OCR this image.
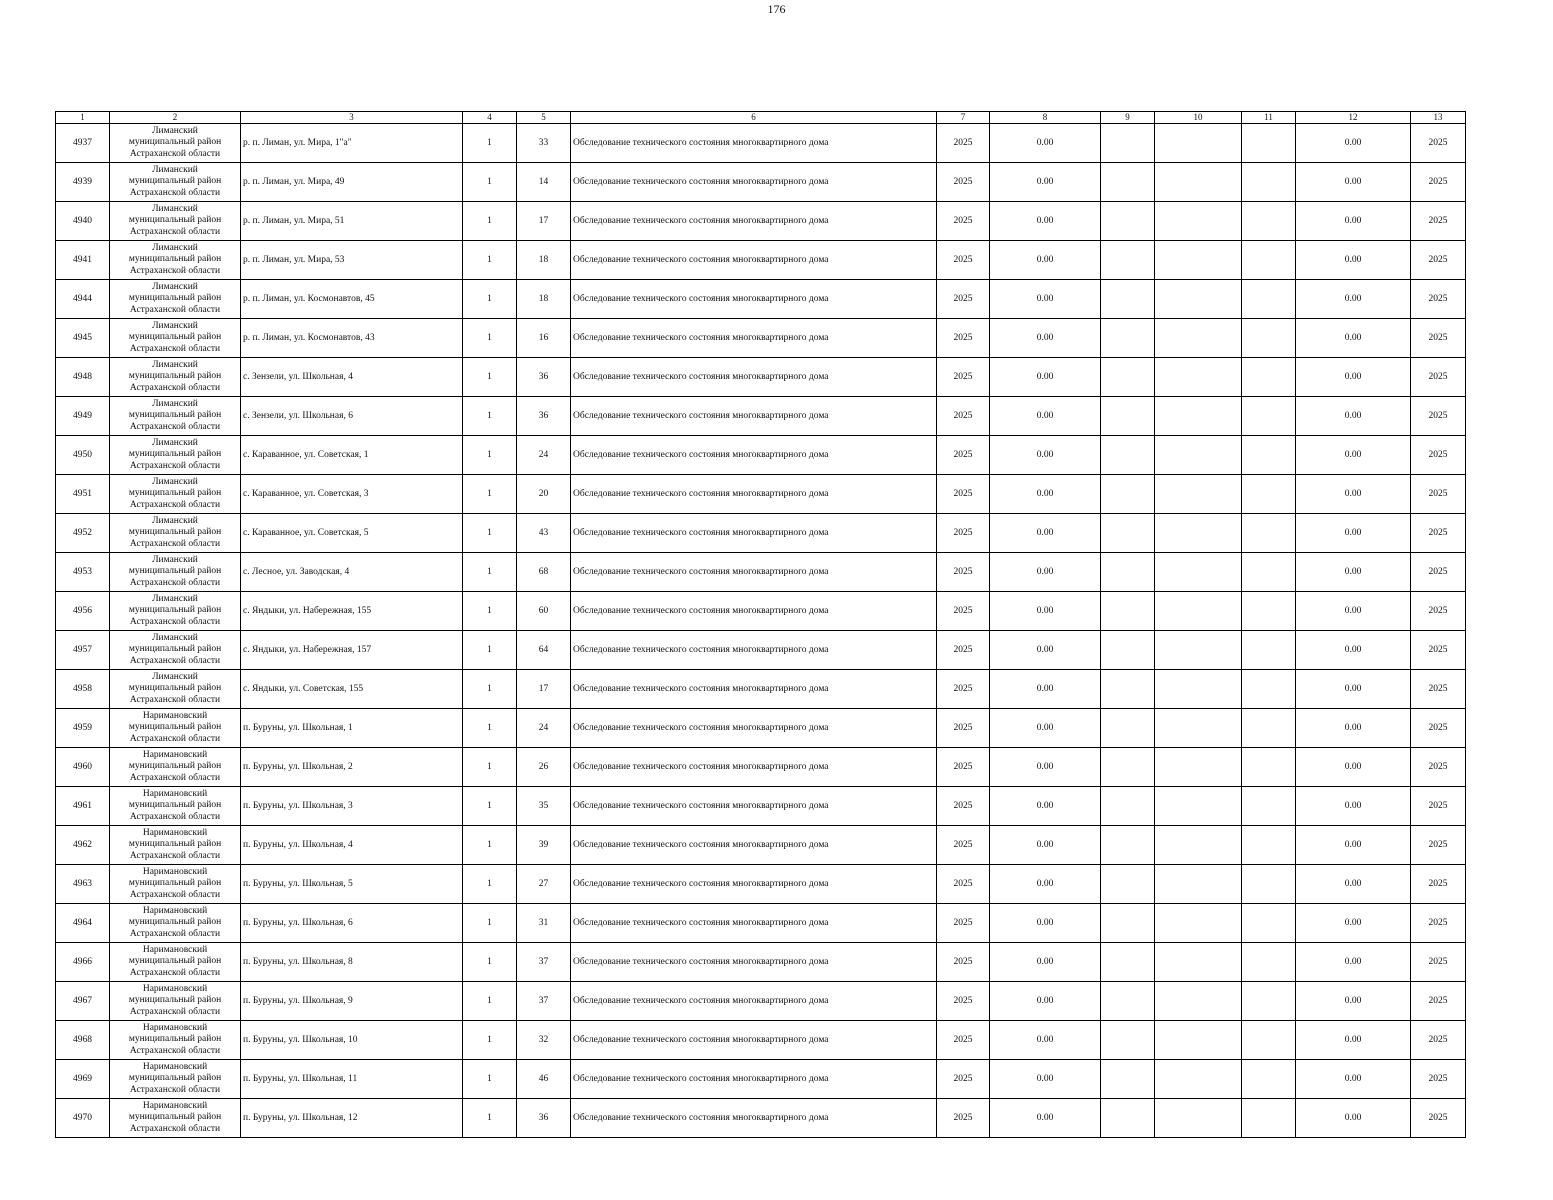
176
1	2	3	4	5	6	7	8	9	10	11	12	13
4937	Лиманский
муниципальный район
Астраханской области	р. п. Лиман, ул. Мира, 1"а"	1	33	Обследование технического состояния многоквартирного дома	2025	0.00				0.00	2025
4939	Лиманский
муниципальный район
Астраханской области	р. п. Лиман, ул. Мира, 49	1	14	Обследование технического состояния многоквартирного дома	2025	0.00				0.00	2025
4940	Лиманский
муниципальный район
Астраханской области	р. п. Лиман, ул. Мира, 51	1	17	Обследование технического состояния многоквартирного дома	2025	0.00				0.00	2025
4941	Лиманский
муниципальный район
Астраханской области	р. п. Лиман, ул. Мира, 53	1	18	Обследование технического состояния многоквартирного дома	2025	0.00				0.00	2025
4944	Лиманский
муниципальный район
Астраханской области	р. п. Лиман, ул. Космонавтов, 45	1	18	Обследование технического состояния многоквартирного дома	2025	0.00				0.00	2025
4945	Лиманский
муниципальный район
Астраханской области	р. п. Лиман, ул. Космонавтов, 43	1	16	Обследование технического состояния многоквартирного дома	2025	0.00				0.00	2025
4948	Лиманский
муниципальный район
Астраханской области	с. Зензели, ул. Школьная, 4	1	36	Обследование технического состояния многоквартирного дома	2025	0.00				0.00	2025
4949	Лиманский
муниципальный район
Астраханской области	с. Зензели, ул. Школьная, 6	1	36	Обследование технического состояния многоквартирного дома	2025	0.00				0.00	2025
4950	Лиманский
муниципальный район
Астраханской области	с. Караванное, ул. Советская, 1	1	24	Обследование технического состояния многоквартирного дома	2025	0.00				0.00	2025
4951	Лиманский
муниципальный район
Астраханской области	с. Караванное, ул. Советская, 3	1	20	Обследование технического состояния многоквартирного дома	2025	0.00				0.00	2025
4952	Лиманский
муниципальный район
Астраханской области	с. Караванное, ул. Советская, 5	1	43	Обследование технического состояния многоквартирного дома	2025	0.00				0.00	2025
4953	Лиманский
муниципальный район
Астраханской области	с. Лесное, ул. Заводская, 4	1	68	Обследование технического состояния многоквартирного дома	2025	0.00				0.00	2025
4956	Лиманский
муниципальный район
Астраханской области	с. Яндыки, ул. Набережная, 155	1	60	Обследование технического состояния многоквартирного дома	2025	0.00				0.00	2025
4957	Лиманский
муниципальный район
Астраханской области	с. Яндыки, ул. Набережная, 157	1	64	Обследование технического состояния многоквартирного дома	2025	0.00				0.00	2025
4958	Лиманский
муниципальный район
Астраханской области	с. Яндыки, ул. Советская, 155	1	17	Обследование технического состояния многоквартирного дома	2025	0.00				0.00	2025
4959	Наримановский
муниципальный район
Астраханской области	п. Буруны, ул. Школьная, 1	1	24	Обследование технического состояния многоквартирного дома	2025	0.00				0.00	2025
4960	Наримановский
муниципальный район
Астраханской области	п. Буруны, ул. Школьная, 2	1	26	Обследование технического состояния многоквартирного дома	2025	0.00				0.00	2025
4961	Наримановский
муниципальный район
Астраханской области	п. Буруны, ул. Школьная, 3	1	35	Обследование технического состояния многоквартирного дома	2025	0.00				0.00	2025
4962	Наримановский
муниципальный район
Астраханской области	п. Буруны, ул. Школьная, 4	1	39	Обследование технического состояния многоквартирного дома	2025	0.00				0.00	2025
4963	Наримановский
муниципальный район
Астраханской области	п. Буруны, ул. Школьная, 5	1	27	Обследование технического состояния многоквартирного дома	2025	0.00				0.00	2025
4964	Наримановский
муниципальный район
Астраханской области	п. Буруны, ул. Школьная, 6	1	31	Обследование технического состояния многоквартирного дома	2025	0.00				0.00	2025
4966	Наримановский
муниципальный район
Астраханской области	п. Буруны, ул. Школьная, 8	1	37	Обследование технического состояния многоквартирного дома	2025	0.00				0.00	2025
4967	Наримановский
муниципальный район
Астраханской области	п. Буруны, ул. Школьная, 9	1	37	Обследование технического состояния многоквартирного дома	2025	0.00				0.00	2025
4968	Наримановский
муниципальный район
Астраханской области	п. Буруны, ул. Школьная, 10	1	32	Обследование технического состояния многоквартирного дома	2025	0.00				0.00	2025
4969	Наримановский
муниципальный район
Астраханской области	п. Буруны, ул. Школьная, 11	1	46	Обследование технического состояния многоквартирного дома	2025	0.00				0.00	2025
4970	Наримановский
муниципальный район
Астраханской области	п. Буруны, ул. Школьная, 12	1	36	Обследование технического состояния многоквартирного дома	2025	0.00				0.00	2025
